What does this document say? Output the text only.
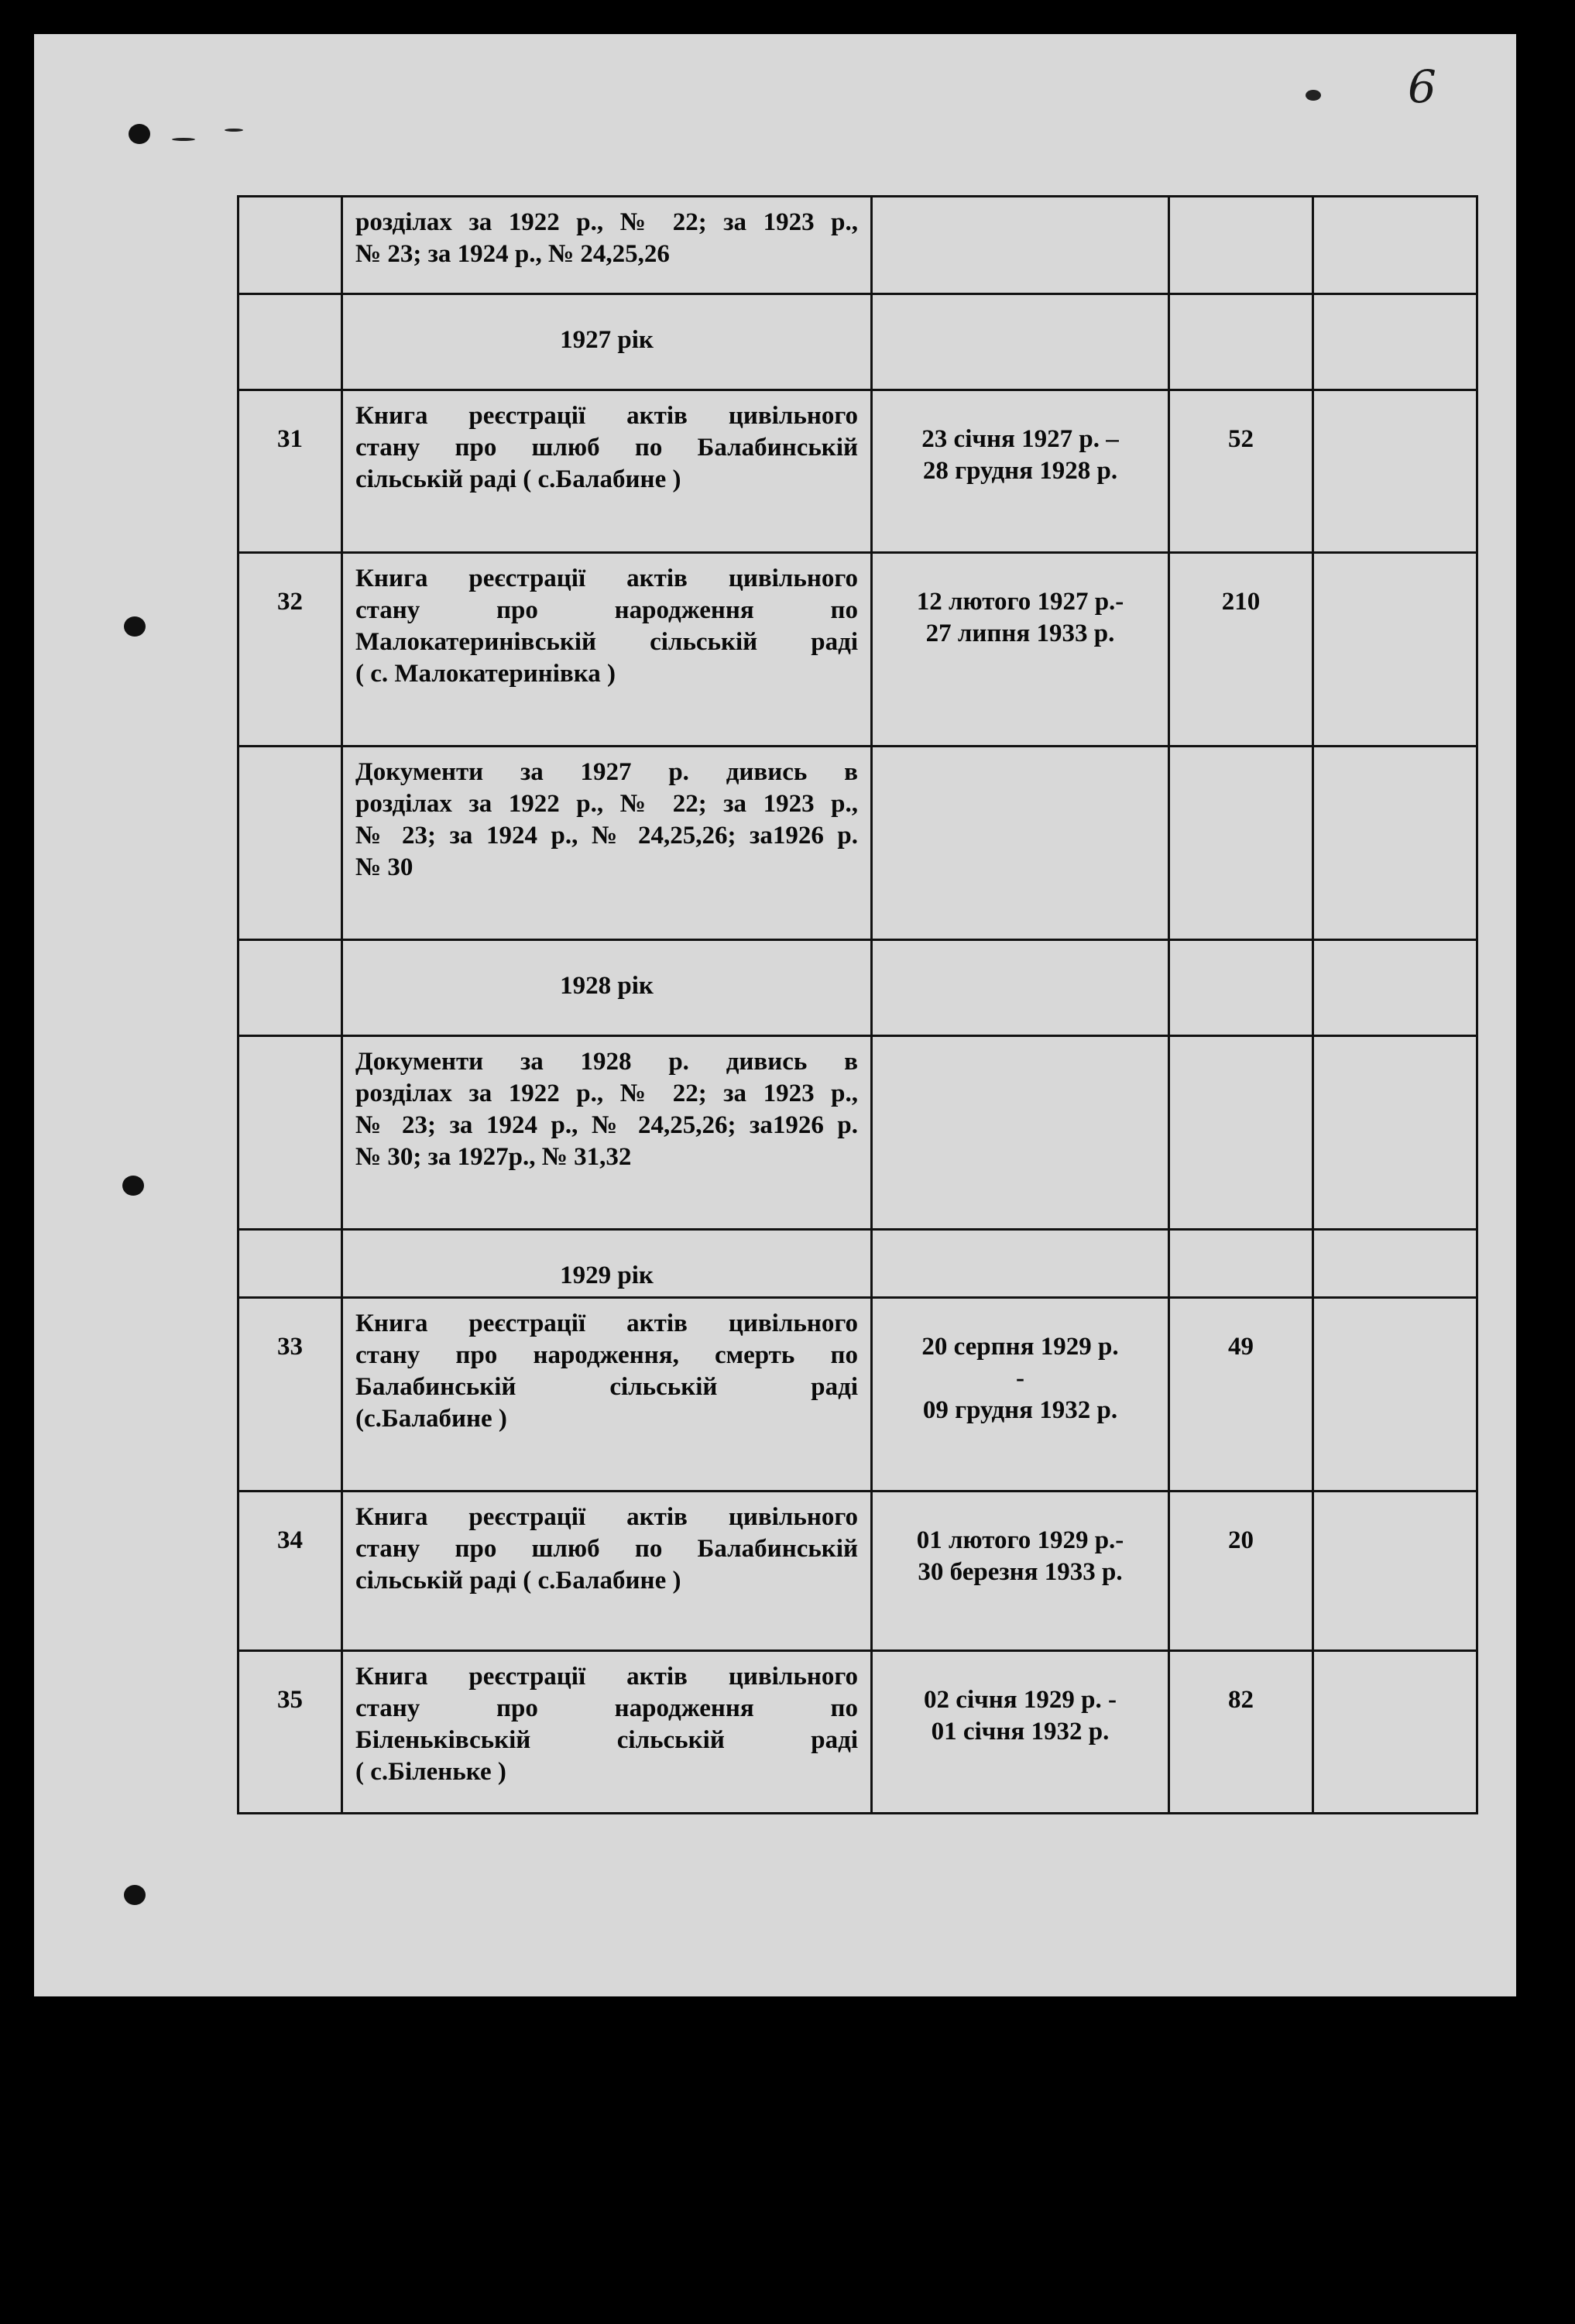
6

	розділах за 1922 р., № 22; за 1923 р.,
№ 23; за 1924 р., № 24,25,26			

	1927 рік			
31	Книга реєстрації актів цивільного
стану про шлюб по Балабинській
сільській раді ( с.Балабине )	23 січня 1927 р. –
28 грудня 1928 р.	52	
32	Книга реєстрації актів цивільного
стану про народження по
Малокатеринівській сільській раді
( с. Малокатеринівка )	12 лютого 1927 р.-
27 липня 1933 р.	210	

	Документи за 1927 р. дивись в
розділах за 1922 р., № 22; за 1923 р.,
№ 23; за 1924 р., № 24,25,26; за1926 р.
№ 30			

	1928 рік			

	Документи за 1928 р. дивись в
розділах за 1922 р., № 22; за 1923 р.,
№ 23; за 1924 р., № 24,25,26; за1926 р.
№ 30; за 1927р., № 31,32			

	1929 рік			
33	Книга реєстрації актів цивільного
стану про народження, смерть по
Балабинській сільській раді
(с.Балабине )	20 серпня 1929 р.
-
09 грудня 1932 р.	49	
34	Книга реєстрації актів цивільного
стану про шлюб по Балабинській
сільській раді ( с.Балабине )	01 лютого 1929 р.-
30 березня 1933 р.	20	
35	Книга реєстрації актів цивільного
стану про народження по
Біленьківській сільській раді
( с.Біленьке )	02 січня 1929 р. -
01 січня 1932 р.	82	
